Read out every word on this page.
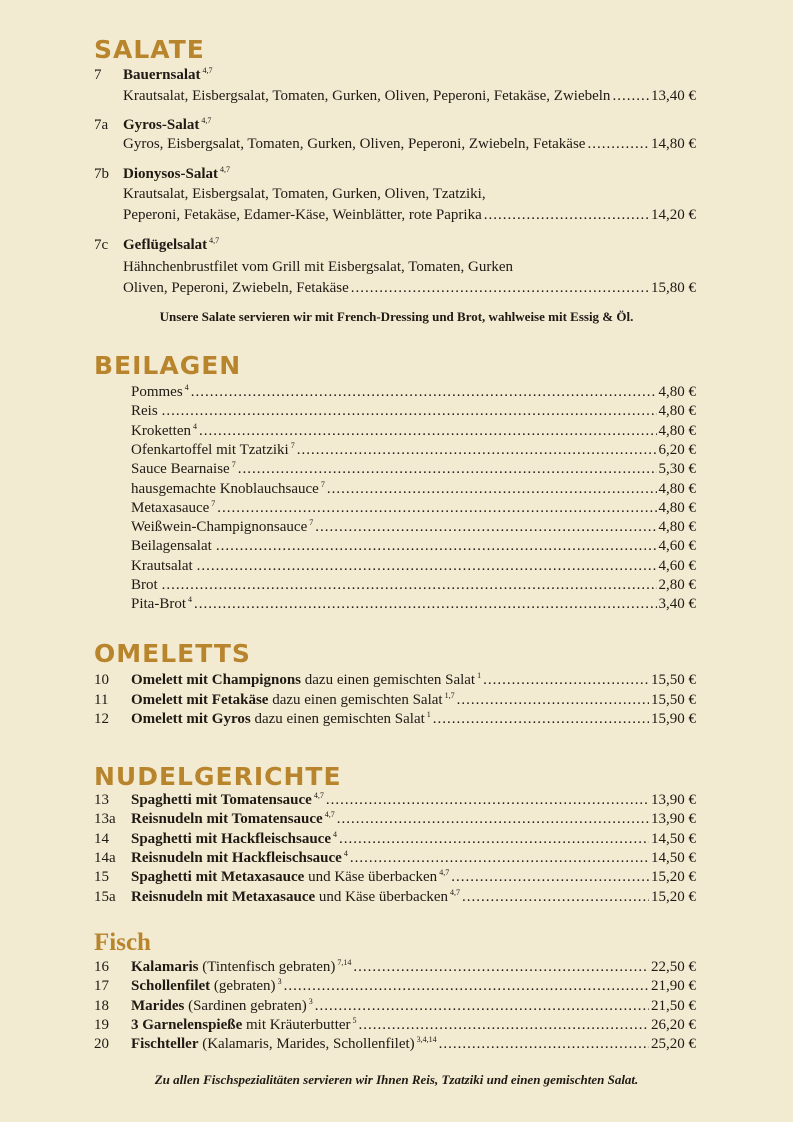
SALATE
7 Bauernsalat $^{4,7}$
Krautsalat, Eisbergsalat, Tomaten, Gurken, Oliven, Peperoni, Fetakäse, Zwiebeln .....	13,40 €
7a Gyros-Salat $^{4,7}$
Gyros, Eisbergsalat, Tomaten, Gurken, Oliven, Peperoni, Zwiebeln, Fetakäse .....	14,80 €
7b Dionysos-Salat $^{4,7}$
Krautsalat, Eisbergsalat, Tomaten, Gurken, Oliven, Tzatziki,
Peperoni, Fetakäse, Edamer-Käse, Weinblätter, rote Paprika .....	14,20 €
7c Geflügelsalat $^{4,7}$
Hähnchenbrustfilet vom Grill mit Eisbergsalat, Tomaten, Gurken
Oliven, Peperoni, Zwiebeln, Fetakäse .....	15,80 €
Unsere Salate servieren wir mit French-Dressing und Brot, wahlweise mit Essig & Öl.
BEILAGEN
Pommes $^4$ .....	4,80 €
Reis .....	4,80 €
Kroketten $^4$ .....	4,80 €
Ofenkartoffel mit Tzatziki $^7$ .....	6,20 €
Sauce Bearnaise $^7$ .....	5,30 €
hausgemachte Knoblauchsauce $^7$ .....	4,80 €
Metaxasauce $^7$ .....	4,80 €
Weißwein-Champignonsauce $^7$ .....	4,80 €
Beilagensalat .....	4,60 €
Krautsalat .....	4,60 €
Brot .....	2,80 €
Pita-Brot $^4$ .....	3,40 €
OMELETTS
10 Omelett mit Champignons dazu einen gemischten Salat $^1$ .....	15,50 €
11 Omelett mit Fetakäse dazu einen gemischten Salat $^{1,7}$ .....	15,50 €
12 Omelett mit Gyros dazu einen gemischten Salat $^1$ .....	15,90 €
NUDELGERICHTE
13 Spaghetti mit Tomatensauce $^{4,7}$ .....	13,90 €
13a Reisnudeln mit Tomatensauce $^{4,7}$ .....	13,90 €
14 Spaghetti mit Hackfleischsauce $^4$ .....	14,50 €
14a Reisnudeln mit Hackfleischsauce $^4$ .....	14,50 €
15 Spaghetti mit Metaxasauce und Käse überbacken $^{4,7}$ .....	15,20 €
15a Reisnudeln mit Metaxasauce und Käse überbacken $^{4,7}$ .....	15,20 €
Fisch
16 Kalamaris (Tintenfisch gebraten) $^{7,14}$ .....	22,50 €
17 Schollenfilet (gebraten) $^3$ .....	21,90 €
18 Marides (Sardinen gebraten) $^3$ .....	21,50 €
19 3 Garnelenspieße mit Kräuterbutter $^5$ .....	26,20 €
20 Fischteller (Kalamaris, Marides, Schollenfilet) $^{3,4,14}$ .....	25,20 €
Zu allen Fischspezialitäten servieren wir Ihnen Reis, Tzatziki und einen gemischten Salat.
